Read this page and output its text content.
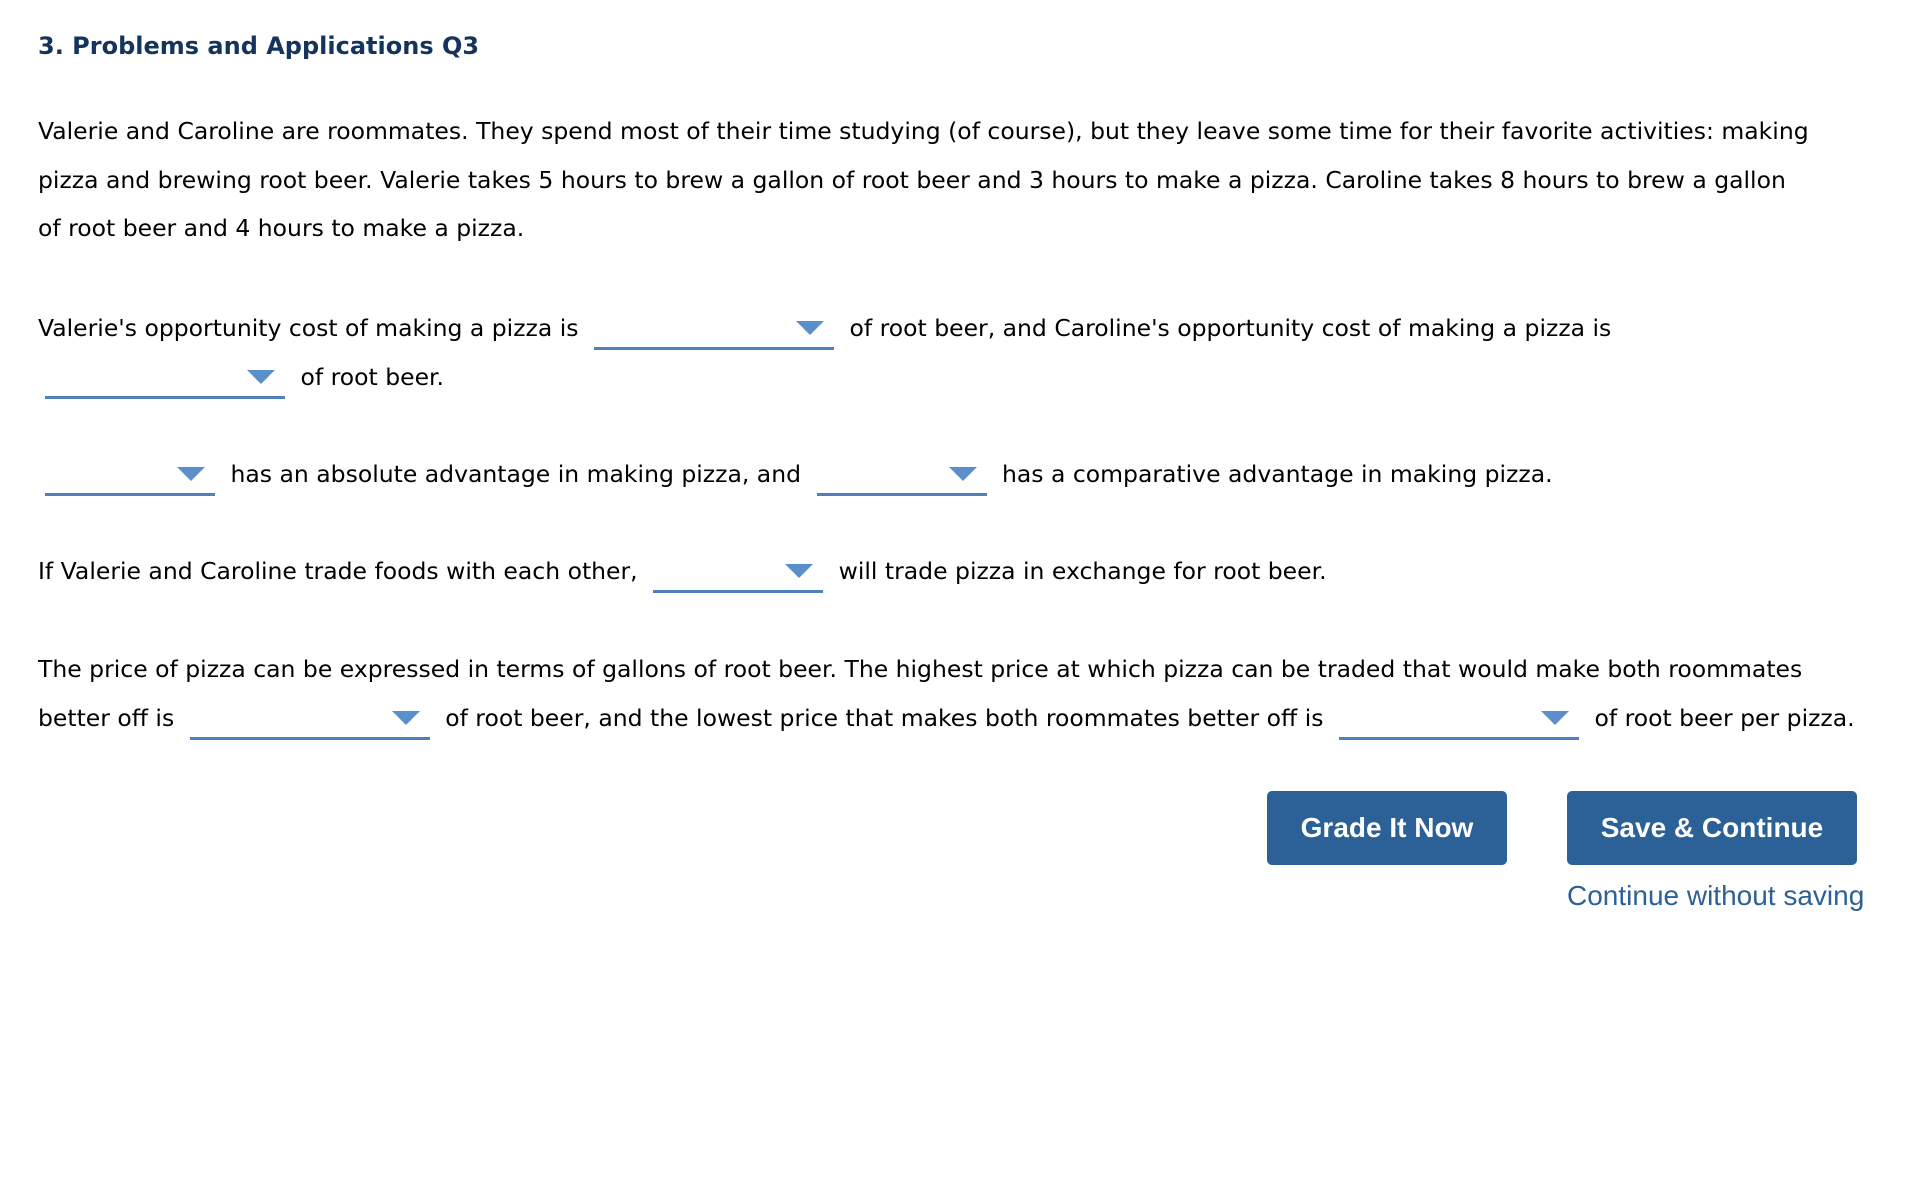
3. Problems and Applications Q3

Valerie and Caroline are roommates. They spend most of their time studying (of course), but they leave some time for their favorite activities: making
pizza and brewing root beer. Valerie takes 5 hours to brew a gallon of root beer and 3 hours to make a pizza. Caroline takes 8 hours to brew a gallon
of root beer and 4 hours to make a pizza.

Valerie's opportunity cost of making a pizza is	of root beer, and Caroline's opportunity cost of making a pizza is

of root beer.

has an absolute advantage in making pizza, and	has a comparative advantage in making pizza.

If Valerie and Caroline trade foods with each other,	will trade pizza in exchange for root beer.

The price of pizza can be expressed in terms of gallons of root beer. The highest price at which pizza can be traded that would make both roommates
better off is	of root beer, and the lowest price that makes both roommates better off is	of root beer per pizza.

Grade It Now	Save & Continue
Continue without saving
